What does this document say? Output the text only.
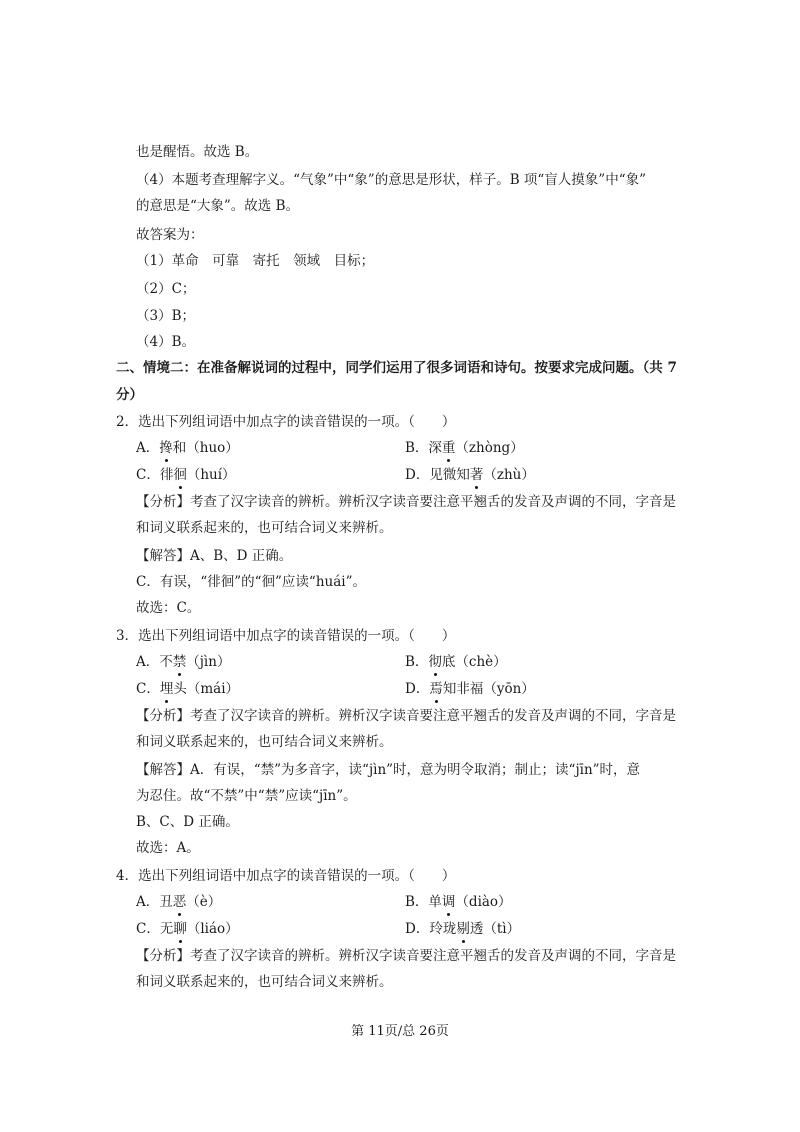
也是醒悟。故选 B。
（4）本题考查理解字义。“气象”中“象”的意思是形状，样子。B 项“盲人摸象”中“象”
的意思是“大象”。故选 B。
故答案为：
（1）革命　可靠　寄托　领域　目标；
（2）C；
（3）B；
（4）B。
二、情境二：在准备解说词的过程中，同学们运用了很多词语和诗句。按要求完成问题。（共 7
分）
2．选出下列组词语中加点字的读音错误的一项。（　　）
A．搀和（huo）	B．深重（zhòng）
C．徘徊（huí）	D．见微知著（zhù）
【分析】考查了汉字读音的辨析。辨析汉字读音要注意平翘舌的发音及声调的不同，字音是
和词义联系起来的，也可结合词义来辨析。
【解答】A、B、D 正确。
C．有误，“徘徊”的“徊”应读“huái”。
故选：C。
3．选出下列组词语中加点字的读音错误的一项。（　　）
A．不禁（jìn）	B．彻底（chè）
C．埋头（mái）	D．焉知非福（yōn）
【分析】考查了汉字读音的辨析。辨析汉字读音要注意平翘舌的发音及声调的不同，字音是
和词义联系起来的，也可结合词义来辨析。
【解答】A．有误，“禁”为多音字，读“jìn”时，意为明令取消；制止；读“jīn”时，意
为忍住。故“不禁”中“禁”应读“jīn”。
B、C、D 正确。
故选：A。
4．选出下列组词语中加点字的读音错误的一项。（　　）
A．丑恶（è）	B．单调（diào）
C．无聊（liáo）	D．玲珑剔透（tì）
【分析】考查了汉字读音的辨析。辨析汉字读音要注意平翘舌的发音及声调的不同，字音是
和词义联系起来的，也可结合词义来辨析。
第 11页/总 26页
